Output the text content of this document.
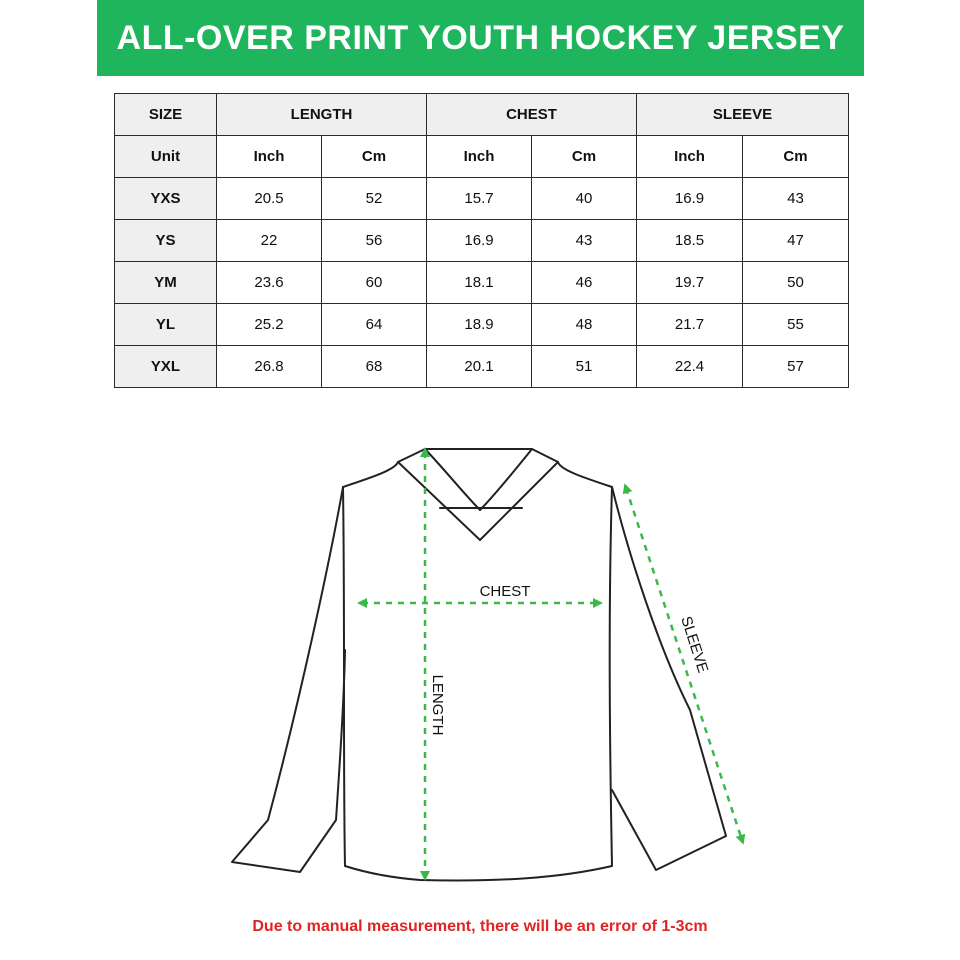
ALL-OVER PRINT YOUTH HOCKEY JERSEY
SIZE	LENGTH		CHEST		SLEEVE	
Unit	Inch	Cm	Inch	Cm	Inch	Cm
YXS	20.5	52	15.7	40	16.9	43
YS	22	56	16.9	43	18.5	47
YM	23.6	60	18.1	46	19.7	50
YL	25.2	64	18.9	48	21.7	55
YXL	26.8	68	20.1	51	22.4	57
CHEST
LENGTH
SLEEVE
Due to manual measurement, there will be an error of 1-3cm
